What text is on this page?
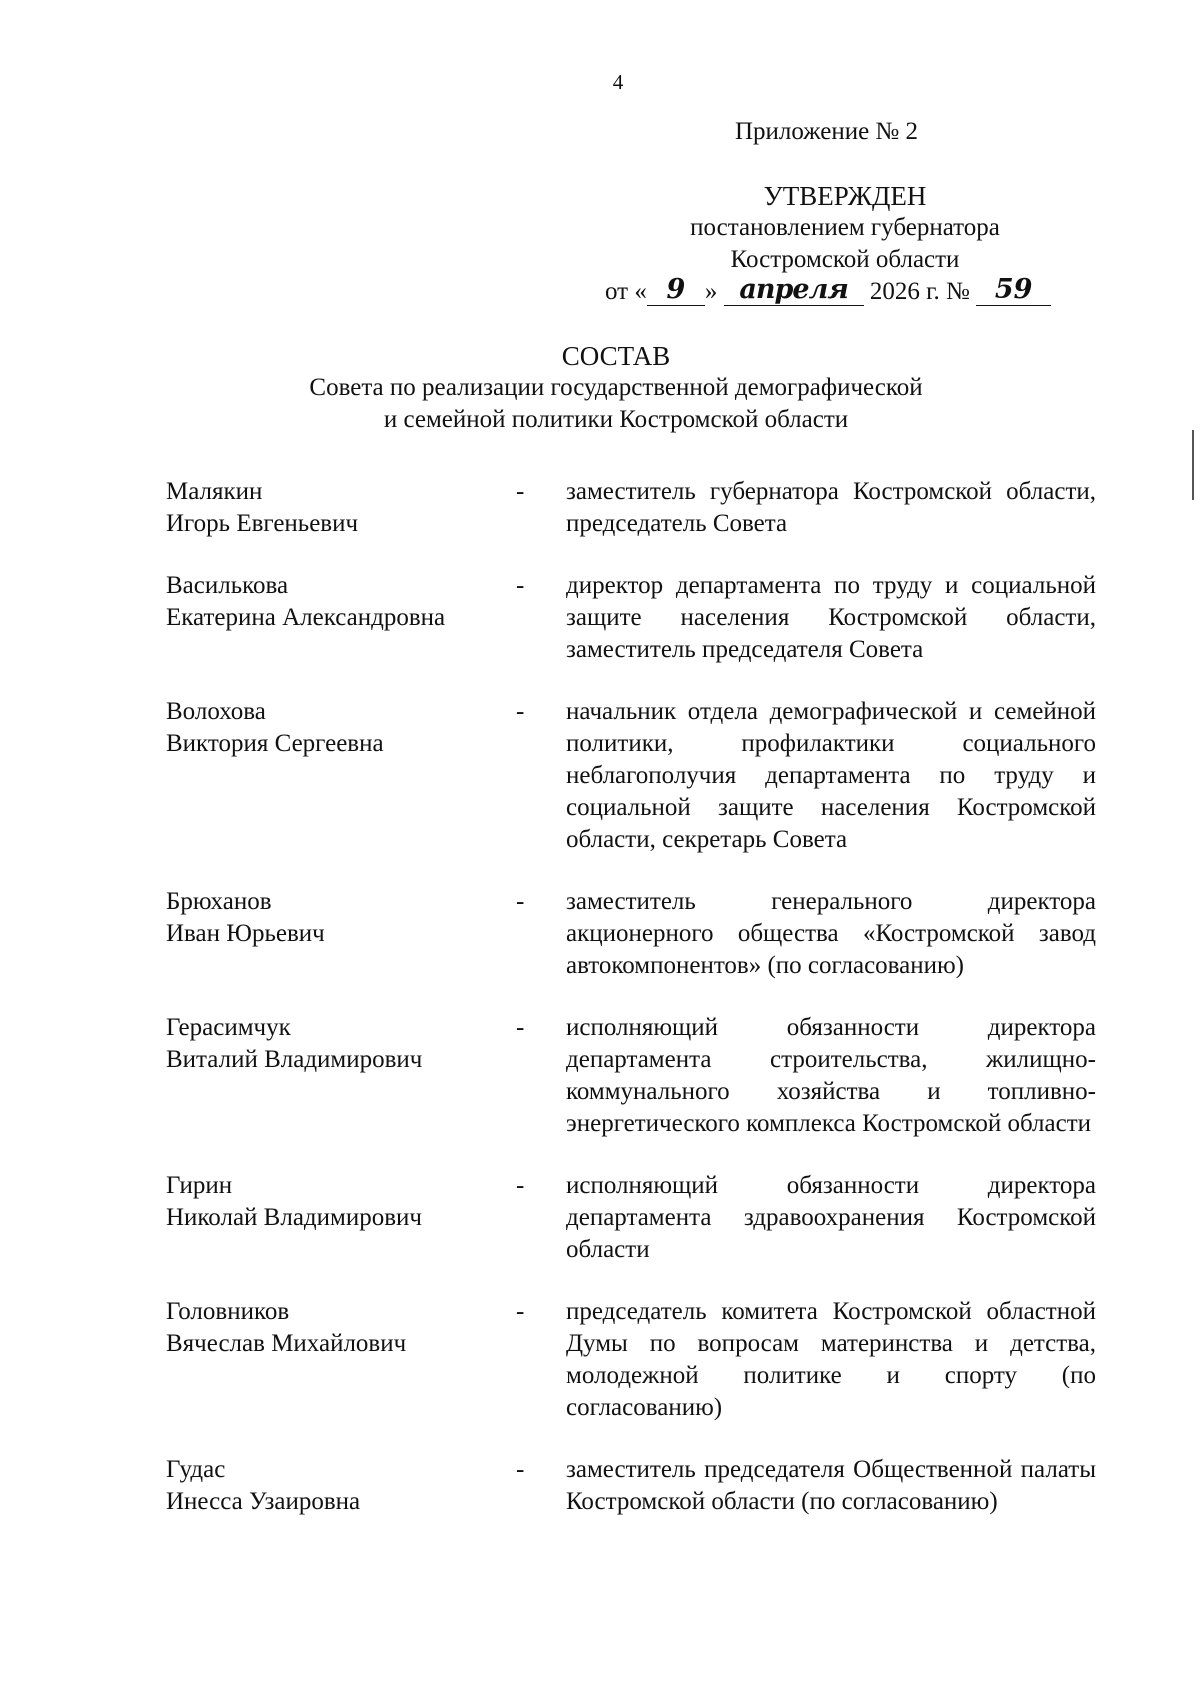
4
Приложение № 2
УТВЕРЖДЕН
постановлением губернатора
Костромской области
от « 9 » апреля 2026 г. № 59
СОСТАВ
Совета по реализации государственной демографической
и семейной политики Костромской области
Малякин
Игорь Евгеньевич
-	заместитель губернатора Костромской области, председатель Совета
Василькова
Екатерина Александровна
-	директор департамента по труду и социальной защите населения Костромской области, заместитель председателя Совета
Волохова
Виктория Сергеевна
-	начальник отдела демографической и семейной политики, профилактики социального неблагополучия департамента по труду и социальной защите населения Костромской области, секретарь Совета
Брюханов
Иван Юрьевич
-	заместитель генерального директора акционерного общества «Костромской завод автокомпонентов» (по согласованию)
Герасимчук
Виталий Владимирович
-	исполняющий обязанности директора департамента строительства, жилищно-коммунального хозяйства и топливно-энергетического комплекса Костромской области
Гирин
Николай Владимирович
-	исполняющий обязанности директора департамента здравоохранения Костромской области
Головников
Вячеслав Михайлович
-	председатель комитета Костромской областной Думы по вопросам материнства и детства, молодежной политике и спорту (по согласованию)
Гудас
Инесса Узаировна
-	заместитель председателя Общественной палаты Костромской области (по согласованию)
